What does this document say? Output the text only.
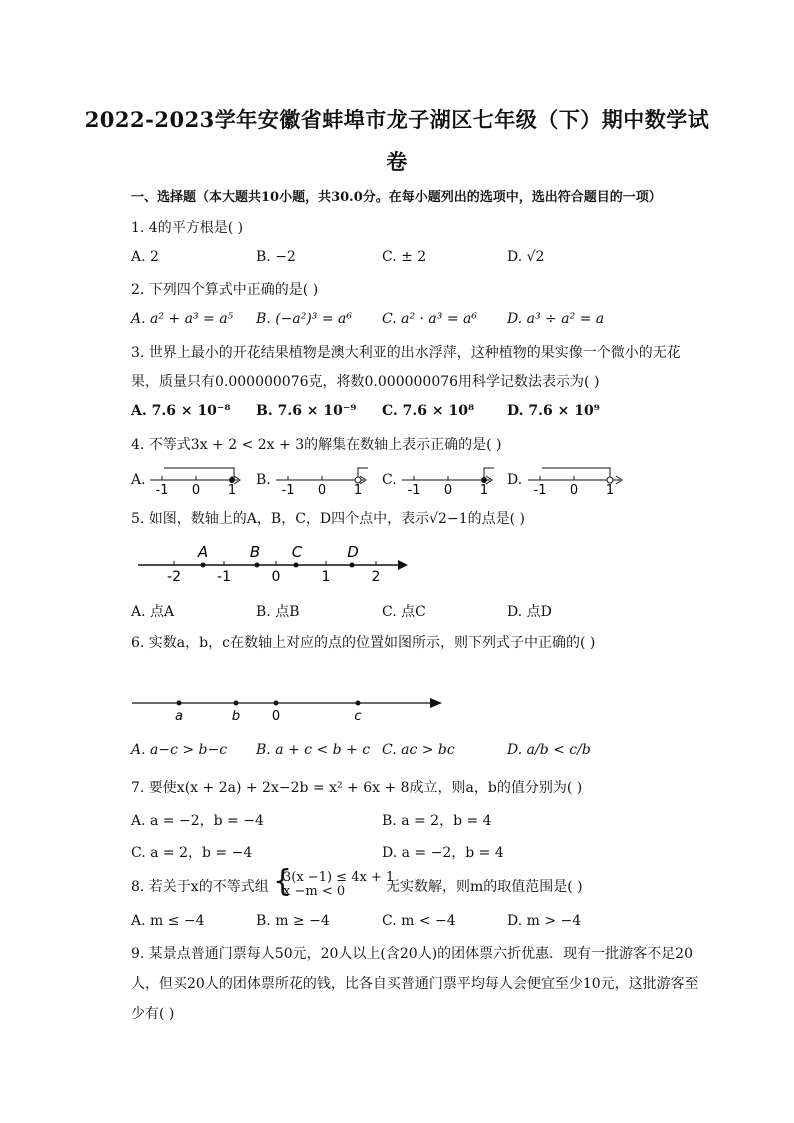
2022-2023学年安徽省蚌埠市龙子湖区七年级（下）期中数学试
卷
一、选择题（本大题共10小题，共30.0分。在每小题列出的选项中，选出符合题目的一项）
1. 4的平方根是( )
A. 2	B. −2	C. ± 2	D. √2
2. 下列四个算式中正确的是( )
A. a² + a³ = a⁵ B. (−a²)³ = a⁶ C. a² · a³ = a⁶ D. a³ ÷ a² = a
3. 世界上最小的开花结果植物是澳大利亚的出水浮萍，这种植物的果实像一个微小的无花
果，质量只有0.00000007​6克，将数0.000000076用科学记数法表示为( )
A. 7.6 × 10⁻⁸ B. 7.6 × 10⁻⁹ C. 7.6 × 10⁸ D. 7.6 × 10⁹
4. 不等式3x + 2 < 2x + 3的解集在数轴上表示正确的是( )
A.	B.	C.	D.
-1 0 1	-1 0 1	-1 0 1	-1 0 1
5. 如图，数轴上的A，B，C，D四个点中，表示√2−1的点是( )
A	B C	D
-2	-1	0	1	2
A. 点A	B. 点B	C. 点C	D. 点D
6. 实数a，b，c在数轴上对应的点的位置如图所示，则下列式子中正确的( )
a	b 0	c
A. a−c > b−c B. a + c < b + c C. ac > bc	D. a/b < c/b
7. 要使x(x + 2a) + 2x−2b = x² + 6x + 8成立，则a，b的值分别为( )
A. a = −2，b = −4	B. a = 2，b = 4
C. a = 2，b = −4	D. a = −2，b = 4
8. 若关于x的不等式组 {
3(x −1) ≤ 4x + 1
x −m < 0	无实数解，则m的取值范围是( )
A. m ≤ −4	B. m ≥ −4	C. m < −4	D. m > −4
9. 某景点普通门票每人50元，20人以上(含20人)的团体票六折优惠．现有一批游客不足20
人，但买20人的团体票所花的钱，比各自买普通门票平均每人会便宜至少10元，这批游客至
少有( )
